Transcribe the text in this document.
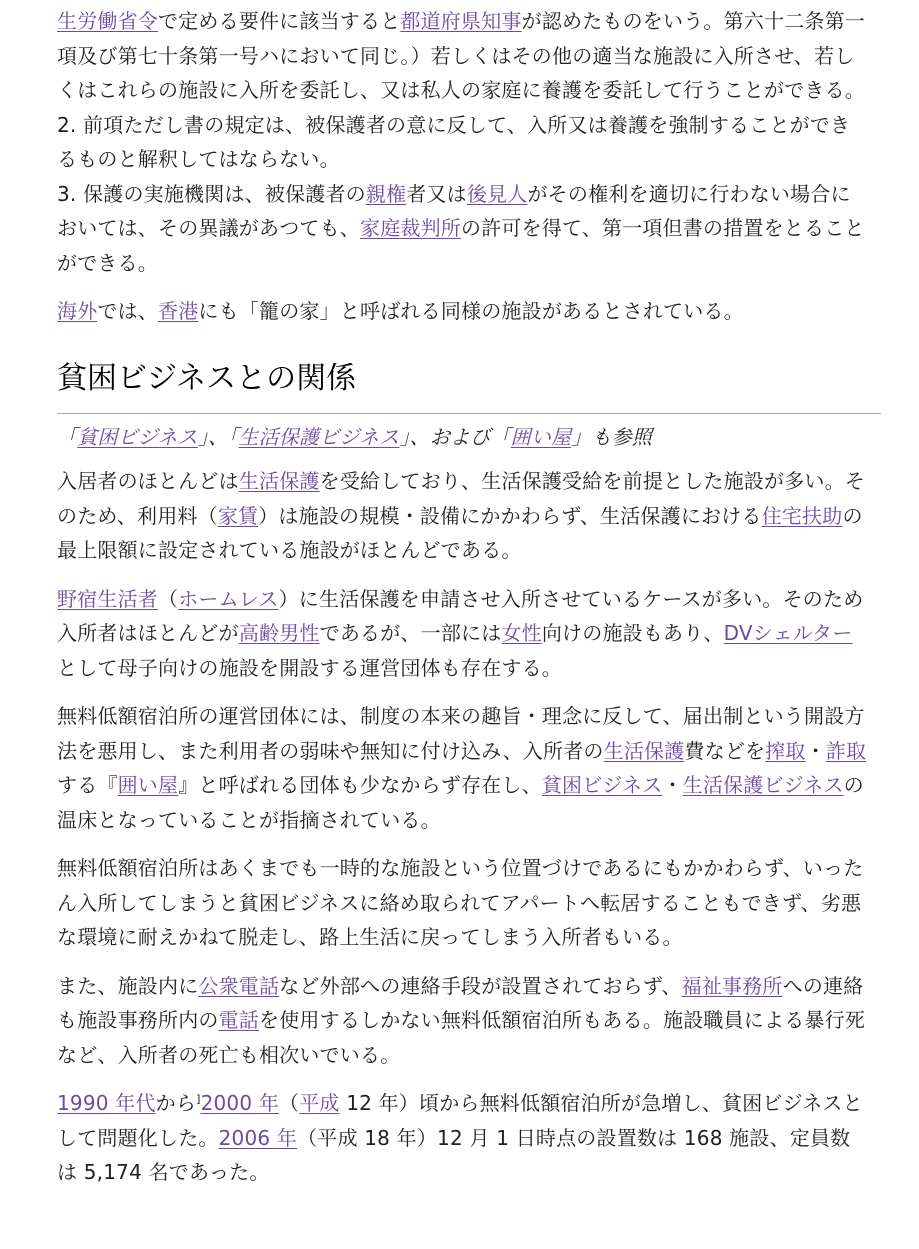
生労働省令で定める要件に該当すると都道府県知事が認めたものをいう。第六十二条第一項及び第七十条第一号ハにおいて同じ。）若しくはその他の適当な施設に入所させ、若しくはこれらの施設に入所を委託し、又は私人の家庭に養護を委託して行うことができる。

2. 前項ただし書の規定は、被保護者の意に反して、入所又は養護を強制することができるものと解釈してはならない。

3. 保護の実施機関は、被保護者の親権者又は後見人がその権利を適切に行わない場合においては、その異議があつても、家庭裁判所の許可を得て、第一項但書の措置をとることができる。

海外では、香港にも「籠の家」と呼ばれる同様の施設があるとされている。

貧困ビジネスとの関係

「貧困ビジネス」、「生活保護ビジネス」、および「囲い屋」も参照

入居者のほとんどは生活保護を受給しており、生活保護受給を前提とした施設が多い。そのため、利用料（家賃）は施設の規模・設備にかかわらず、生活保護における住宅扶助の最上限額に設定されている施設がほとんどである。

野宿生活者（ホームレス）に生活保護を申請させ入所させているケースが多い。そのため入所者はほとんどが高齢男性であるが、一部には女性向けの施設もあり、DVシェルターとして母子向けの施設を開設する運営団体も存在する。

無料低額宿泊所の運営団体には、制度の本来の趣旨・理念に反して、届出制という開設方法を悪用し、また利用者の弱味や無知に付け込み、入所者の生活保護費などを搾取・詐取する『囲い屋』と呼ばれる団体も少なからず存在し、貧困ビジネス・生活保護ビジネスの温床となっていることが指摘されている。

無料低額宿泊所はあくまでも一時的な施設という位置づけであるにもかかわらず、いったん入所してしまうと貧困ビジネスに絡め取られてアパートへ転居することもできず、劣悪な環境に耐えかねて脱走し、路上生活に戻ってしまう入所者もいる。

また、施設内に公衆電話など外部への連絡手段が設置されておらず、福祉事務所への連絡も施設事務所内の電話を使用するしかない無料低額宿泊所もある。施設職員による暴行死など、入所者の死亡も相次いでいる。

1990 年代から]2000 年（平成 12 年）頃から無料低額宿泊所が急増し、貧困ビジネスとして問題化した。2006 年（平成 18 年）12 月 1 日時点の設置数は 168 施設、定員数は 5,174 名であった。
